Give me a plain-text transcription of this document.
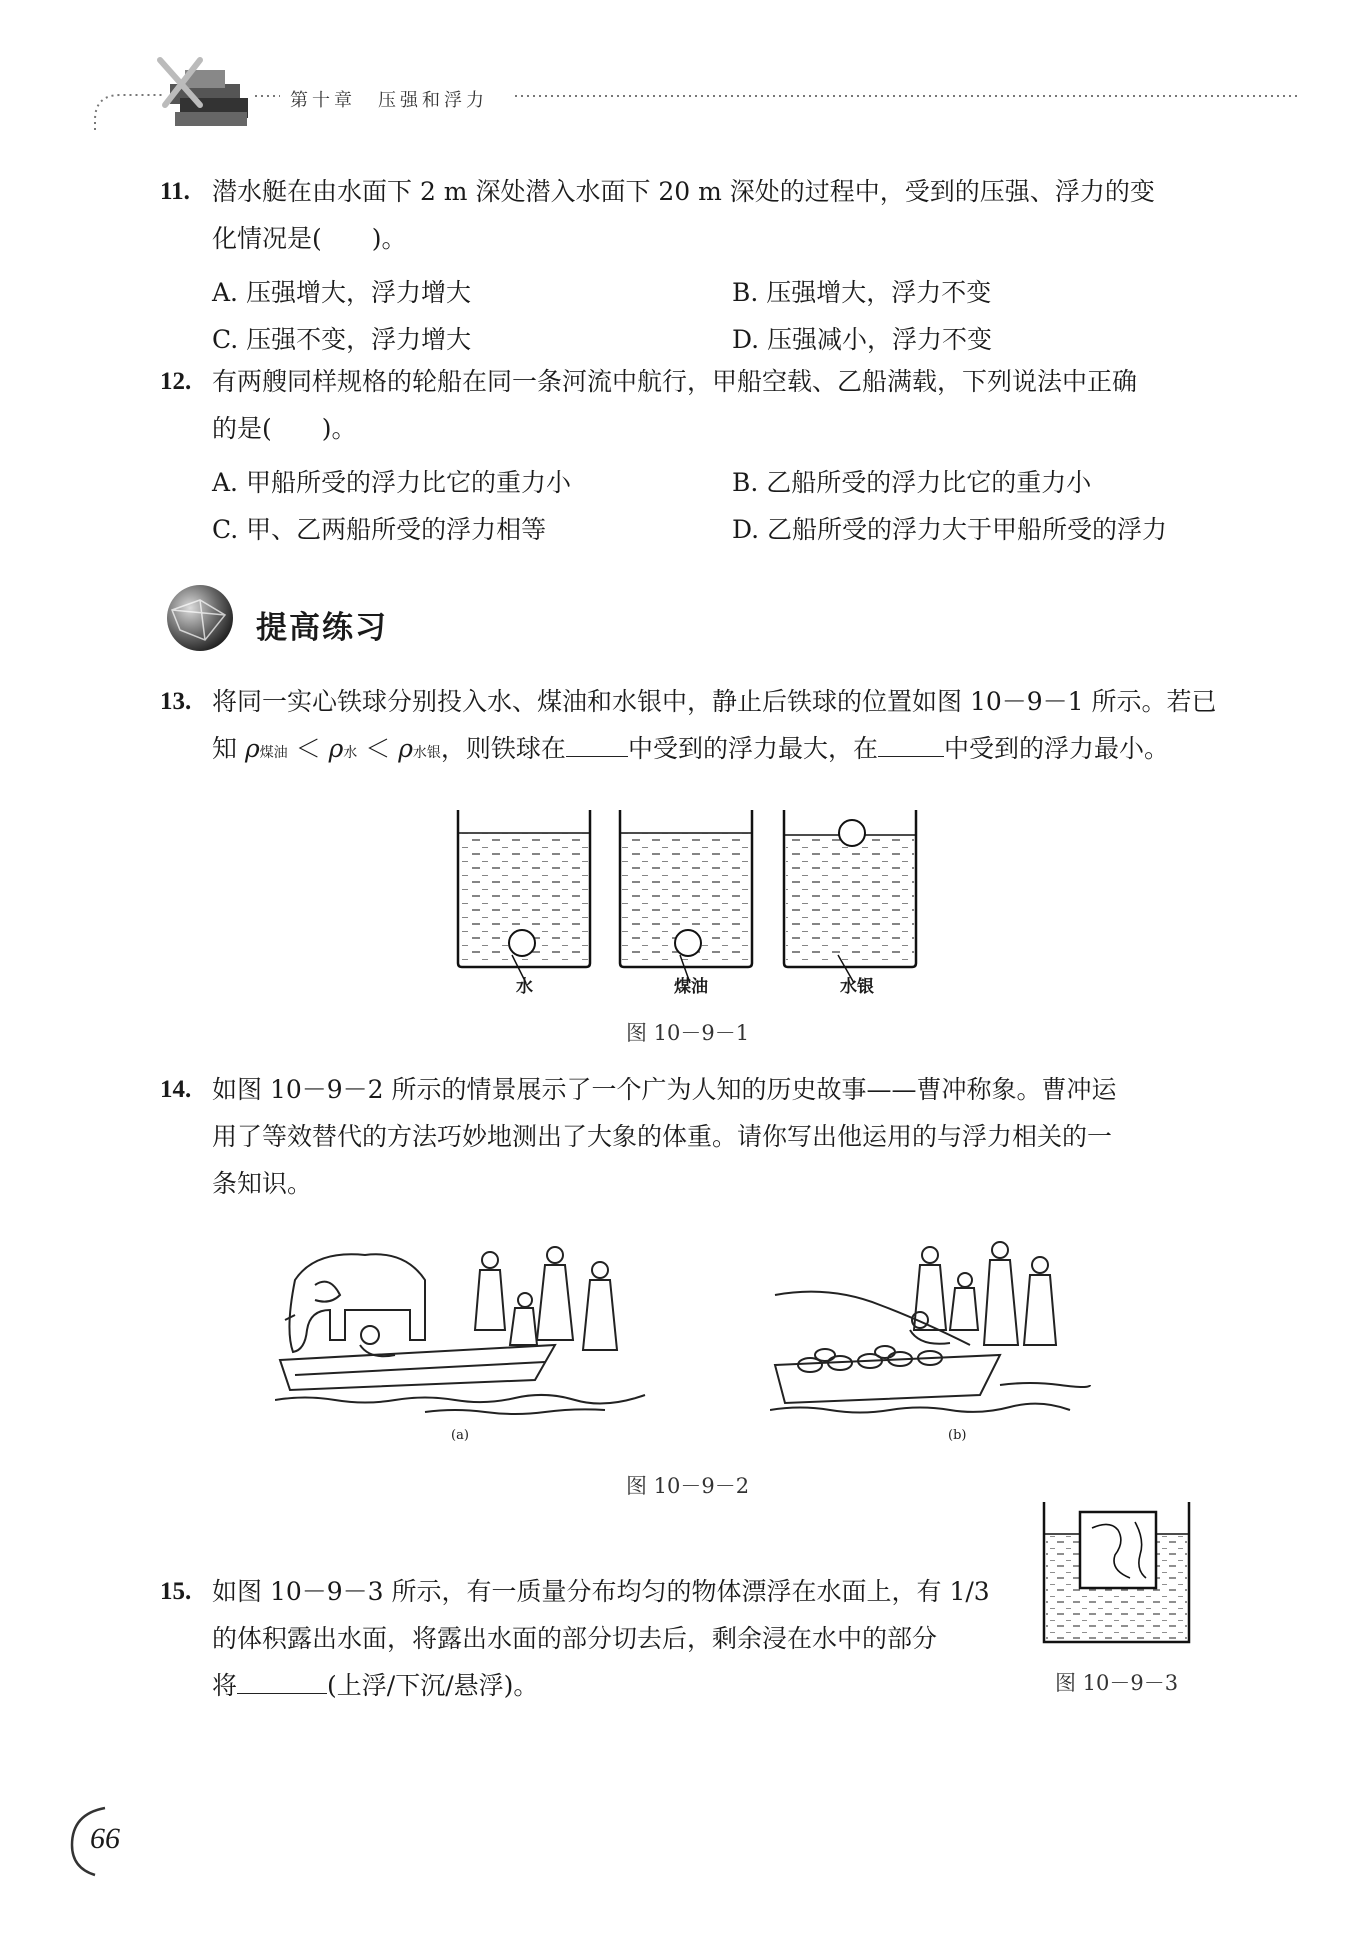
第十章　压强和浮力
11. 潜水艇在由水面下 2 m 深处潜入水面下 20 m 深处的过程中，受到的压强、浮力的变
化情况是(　　)。
A. 压强增大，浮力增大	B. 压强增大，浮力不变
C. 压强不变，浮力增大	D. 压强减小，浮力不变
12. 有两艘同样规格的轮船在同一条河流中航行，甲船空载、乙船满载，下列说法中正确
的是(　　)。
A. 甲船所受的浮力比它的重力小	B. 乙船所受的浮力比它的重力小
C. 甲、乙两船所受的浮力相等	D. 乙船所受的浮力大于甲船所受的浮力
提高练习
13. 将同一实心铁球分别投入水、煤油和水银中，静止后铁球的位置如图 10－9－1 所示。若已
知 ρ煤油 ＜ ρ水 ＜ ρ水银，则铁球在 中受到的浮力最大，在	中受到的浮力最小。
水	煤油	水银
图 10－9－1
14. 如图 10－9－2 所示的情景展示了一个广为人知的历史故事——曹冲称象。曹冲运
用了等效替代的方法巧妙地测出了大象的体重。请你写出他运用的与浮力相关的一
条知识。
(a)	(b)
图 10－9－2
15. 如图 10－9－3 所示，有一质量分布均匀的物体漂浮在水面上，有 1/3
的体积露出水面，将露出水面的部分切去后，剩余浸在水中的部分
将	(上浮/下沉/悬浮)。	图 10－9－3
66
